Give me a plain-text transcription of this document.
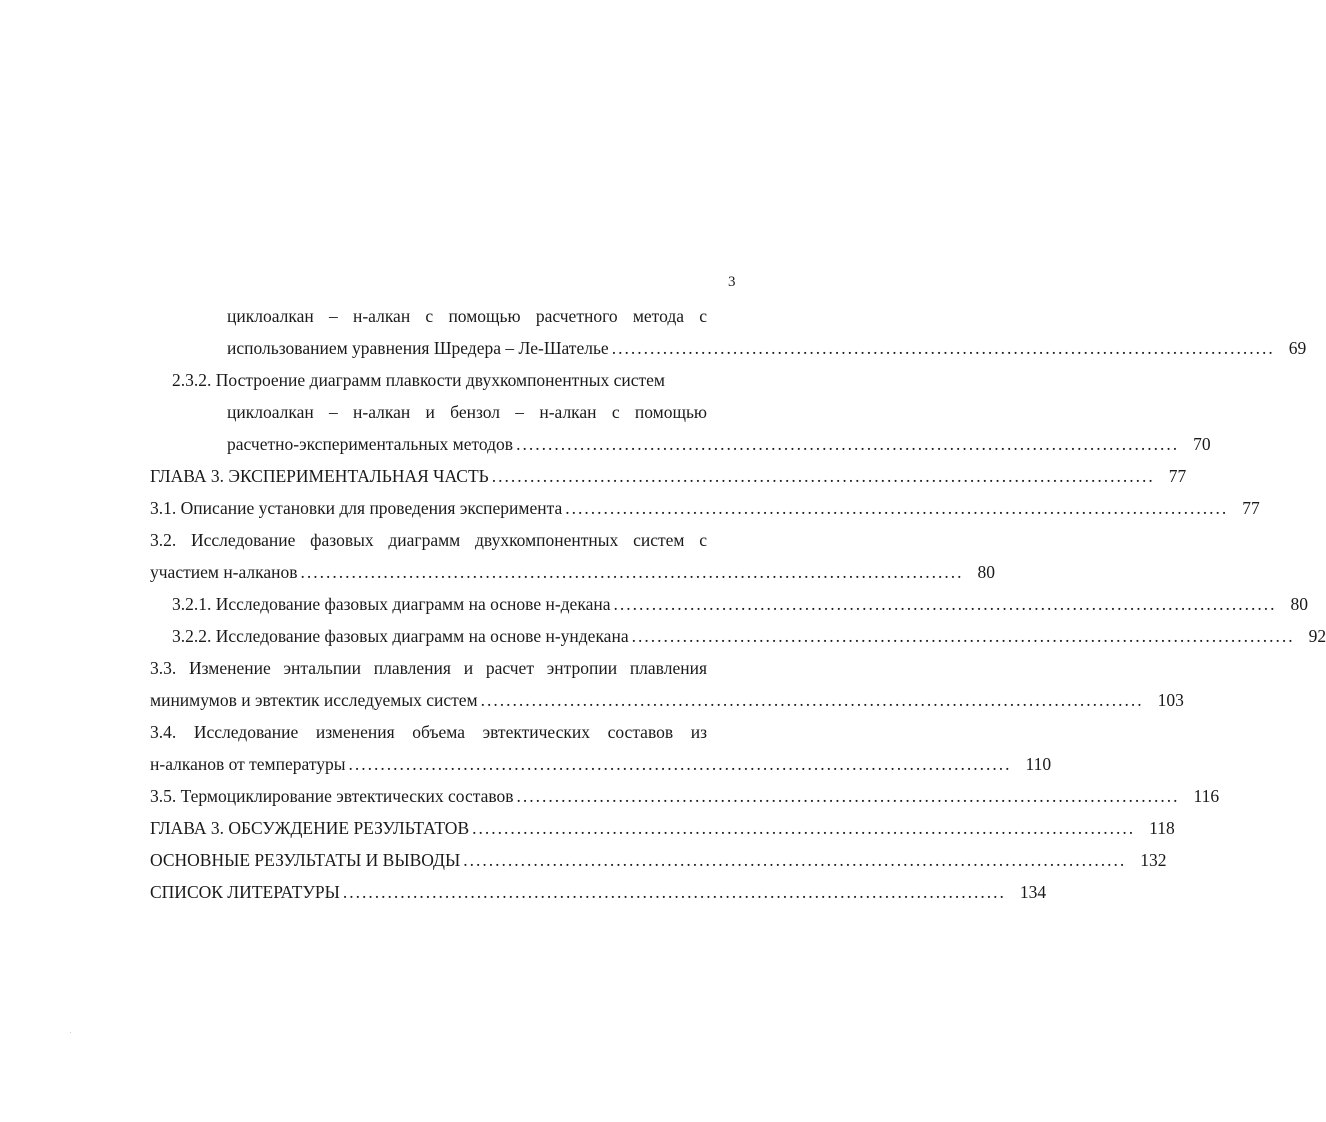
3
циклоалкан – н-алкан с помощью расчетного метода с
использованием уравнения Шредера – Ле-Шателье ........................................................................................................ 69
2.3.2. Построение диаграмм плавкости двухкомпонентных систем
циклоалкан – н-алкан и бензол – н-алкан с помощью
расчетно-экспериментальных методов ........................................................................................................ 70
ГЛАВА 3. ЭКСПЕРИМЕНТАЛЬНАЯ ЧАСТЬ ........................................................................................................ 77
3.1. Описание установки для проведения эксперимента ........................................................................................................ 77
3.2. Исследование фазовых диаграмм двухкомпонентных систем с
участием н-алканов ........................................................................................................ 80
3.2.1. Исследование фазовых диаграмм на основе н-декана ........................................................................................................ 80
3.2.2. Исследование фазовых диаграмм на основе н-ундекана ........................................................................................................ 92
3.3. Изменение энтальпии плавления и расчет энтропии плавления
минимумов и эвтектик исследуемых систем ........................................................................................................ 103
3.4. Исследование изменения объема эвтектических составов из
н-алканов от температуры ........................................................................................................ 110
3.5. Термоциклирование эвтектических составов ........................................................................................................ 116
ГЛАВА 3. ОБСУЖДЕНИЕ РЕЗУЛЬТАТОВ ........................................................................................................ 118
ОСНОВНЫЕ РЕЗУЛЬТАТЫ И ВЫВОДЫ ........................................................................................................ 132
СПИСОК ЛИТЕРАТУРЫ ........................................................................................................ 134
